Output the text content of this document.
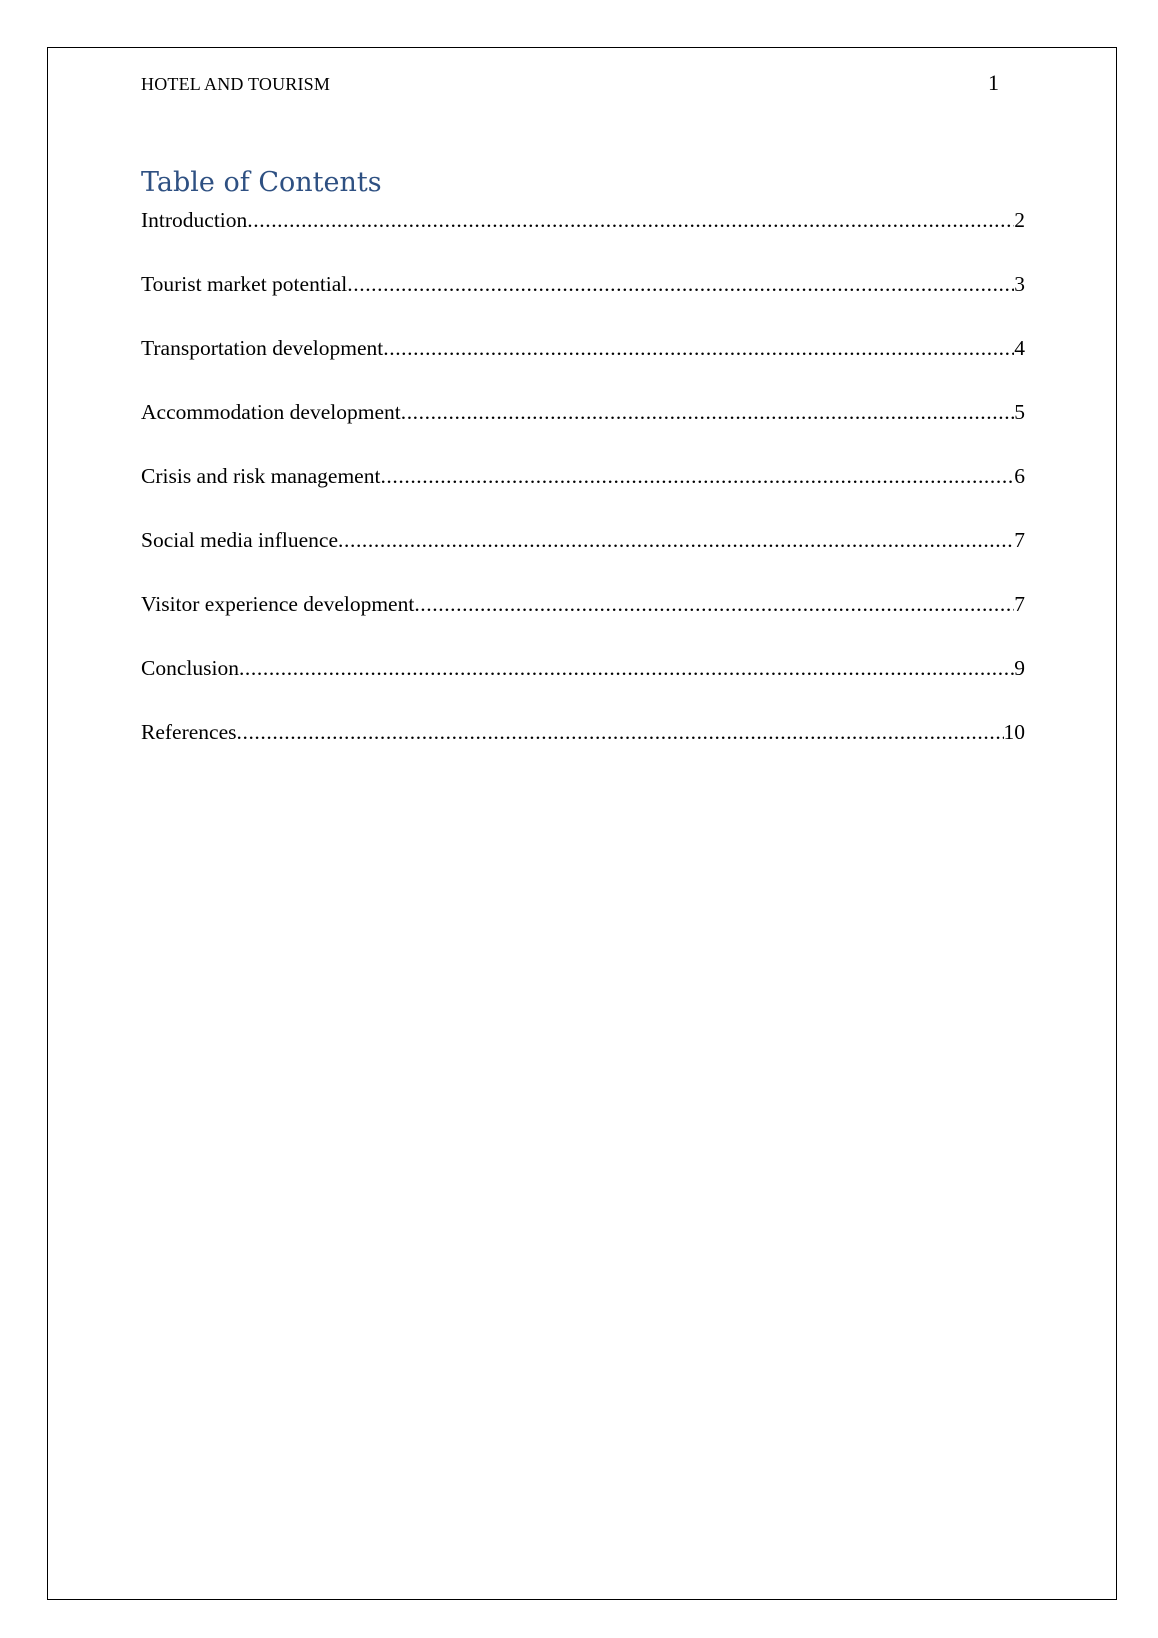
HOTEL AND TOURISM	1
Table of Contents
Introduction .....	2
Tourist market potential .....	3
Transportation development .....	4
Accommodation development .....	5
Crisis and risk management .....	6
Social media influence .....	7
Visitor experience development .....	7
Conclusion .....	9
References .....	10
